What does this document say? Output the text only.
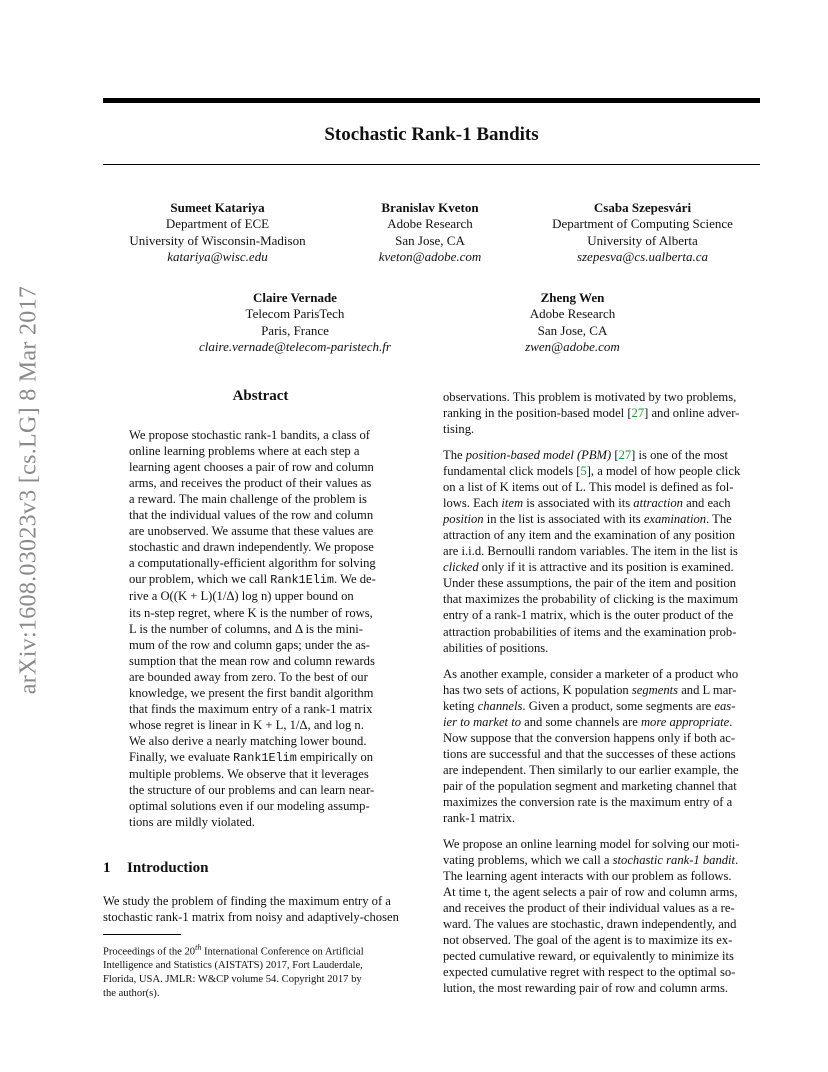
Stochastic Rank-1 Bandits
arXiv:1608.03023v3 [cs.LG] 8 Mar 2017
Sumeet Katariya
Department of ECE
University of Wisconsin-Madison
katariya@wisc.edu
Branislav Kveton
Adobe Research
San Jose, CA
kveton@adobe.com
Csaba Szepesvári
Department of Computing Science
University of Alberta
szepesva@cs.ualberta.ca
Claire Vernade
Telecom ParisTech
Paris, France
claire.vernade@telecom-paristech.fr
Zheng Wen
Adobe Research
San Jose, CA
zwen@adobe.com
Abstract
We propose stochastic rank-1 bandits, a class of
online learning problems where at each step a
learning agent chooses a pair of row and column
arms, and receives the product of their values as
a reward. The main challenge of the problem is
that the individual values of the row and column
are unobserved. We assume that these values are
stochastic and drawn independently. We propose
a computationally-efficient algorithm for solving
our problem, which we call Rank1Elim. We de-
rive a O((K + L)(1/Δ) log n) upper bound on
its n-step regret, where K is the number of rows,
L is the number of columns, and Δ is the mini-
mum of the row and column gaps; under the as-
sumption that the mean row and column rewards
are bounded away from zero. To the best of our
knowledge, we present the first bandit algorithm
that finds the maximum entry of a rank-1 matrix
whose regret is linear in K + L, 1/Δ, and log n.
We also derive a nearly matching lower bound.
Finally, we evaluate Rank1Elim empirically on
multiple problems. We observe that it leverages
the structure of our problems and can learn near-
optimal solutions even if our modeling assump-
tions are mildly violated.
1 Introduction
We study the problem of finding the maximum entry of a
stochastic rank-1 matrix from noisy and adaptively-chosen
Proceedings of the 20th International Conference on Artificial
Intelligence and Statistics (AISTATS) 2017, Fort Lauderdale,
Florida, USA. JMLR: W&CP volume 54. Copyright 2017 by
the author(s).
observations. This problem is motivated by two problems,
ranking in the position-based model [27] and online adver-
tising.
The position-based model (PBM) [27] is one of the most
fundamental click models [5], a model of how people click
on a list of K items out of L. This model is defined as fol-
lows. Each item is associated with its attraction and each
position in the list is associated with its examination. The
attraction of any item and the examination of any position
are i.i.d. Bernoulli random variables. The item in the list is
clicked only if it is attractive and its position is examined.
Under these assumptions, the pair of the item and position
that maximizes the probability of clicking is the maximum
entry of a rank-1 matrix, which is the outer product of the
attraction probabilities of items and the examination prob-
abilities of positions.
As another example, consider a marketer of a product who
has two sets of actions, K population segments and L mar-
keting channels. Given a product, some segments are eas-
ier to market to and some channels are more appropriate.
Now suppose that the conversion happens only if both ac-
tions are successful and that the successes of these actions
are independent. Then similarly to our earlier example, the
pair of the population segment and marketing channel that
maximizes the conversion rate is the maximum entry of a
rank-1 matrix.
We propose an online learning model for solving our moti-
vating problems, which we call a stochastic rank-1 bandit.
The learning agent interacts with our problem as follows.
At time t, the agent selects a pair of row and column arms,
and receives the product of their individual values as a re-
ward. The values are stochastic, drawn independently, and
not observed. The goal of the agent is to maximize its ex-
pected cumulative reward, or equivalently to minimize its
expected cumulative regret with respect to the optimal so-
lution, the most rewarding pair of row and column arms.
